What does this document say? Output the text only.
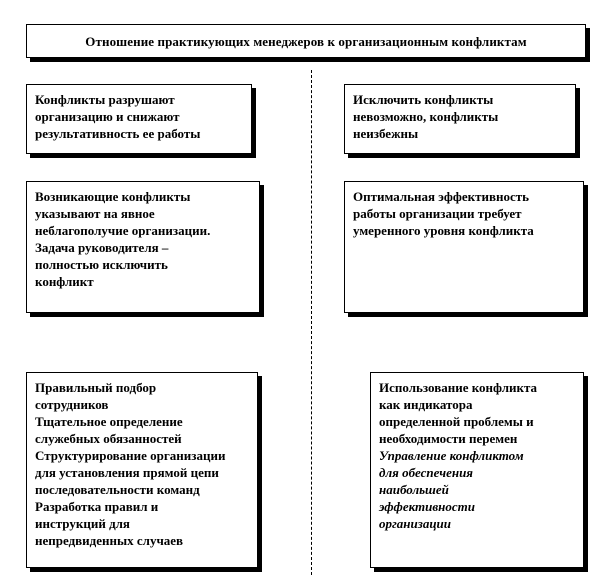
Отношение практикующих менеджеров к организационным конфликтам
Конфликты разрушают
организацию и снижают
результативность ее работы
Исключить конфликты
невозможно, конфликты
неизбежны
Возникающие конфликты
указывают на явное
неблагополучие организации.
Задача руководителя –
полностью исключить
конфликт
Оптимальная эффективность
работы организации требует
умеренного уровня конфликта
Правильный подбор
сотрудников
Тщательное определение
служебных обязанностей
Структурирование организации
для установления прямой цепи
последовательности команд
Разработка правил и
инструкций для
непредвиденных случаев
Использование конфликта
как индикатора
определенной проблемы и
необходимости перемен
Управление конфликтом
для обеспечения
наибольшей
эффективности
организации
